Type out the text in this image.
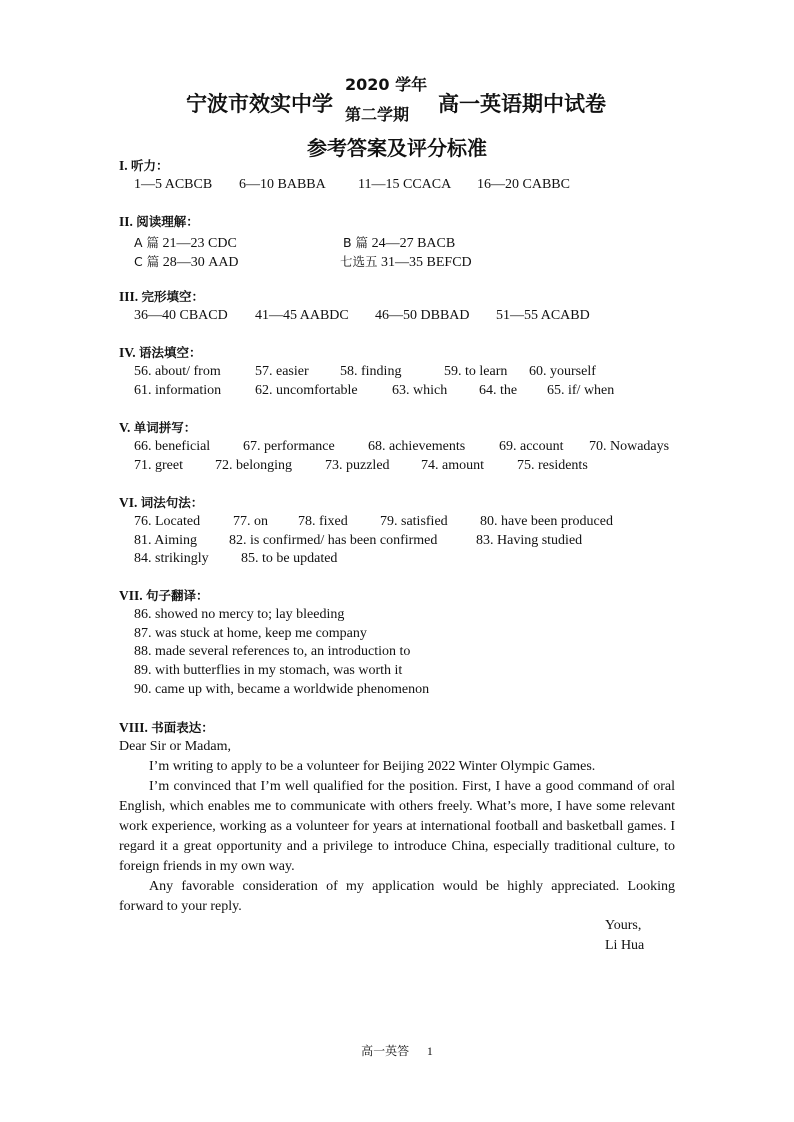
宁波市效实中学
2020 学年
第二学期 高一英语期中试卷
参考答案及评分标准
I. 听力：
1—5 ACBCB 6—10 BABBA 11—15 CCACA 16—20 CABBC
II. 阅读理解：
A 篇 21—23 CDC	B 篇 24—27 BACB
C 篇 28—30 AAD	七选五 31—35 BEFCD
III. 完形填空：
36—40 CBACD 41—45 AABDC 46—50 DBBAD 51—55 ACABD
IV. 语法填空：
56. about/ from 57. easier 58. finding	59. to learn 60. yourself
61. information 62. uncomfortable 63. which 64. the 65. if/ when
V. 单词拼写：
66. beneficial 67. performance 68. achievements 69. account 70. Nowadays
71. greet 72. belonging 73. puzzled 74. amount 75. residents
VI. 词法句法：
76. Located 77. on 78. fixed 79. satisfied 80. have been produced
81. Aiming 82. is confirmed/ has been confirmed	83. Having studied
84. strikingly 85. to be updated
VII. 句子翻译：
86. showed no mercy to; lay bleeding
87. was stuck at home, keep me company
88. made several references to, an introduction to
89. with butterflies in my stomach, was worth it
90. came up with, became a worldwide phenomenon
VIII. 书面表达：

Dear Sir or Madam,

I’m writing to apply to be a volunteer for Beijing 2022 Winter Olympic Games.

I’m convinced that I’m well qualified for the position. First, I have a good command of oral English, which enables me to communicate with others freely. What’s more, I have some relevant work experience, working as a volunteer for years at international football and basketball games. I regard it a great opportunity and a privilege to introduce China, especially traditional culture, to foreign friends in my own way.

Any favorable consideration of my application would be highly appreciated. Looking forward to your reply.

Yours,
Li Hua
高一英答 1
